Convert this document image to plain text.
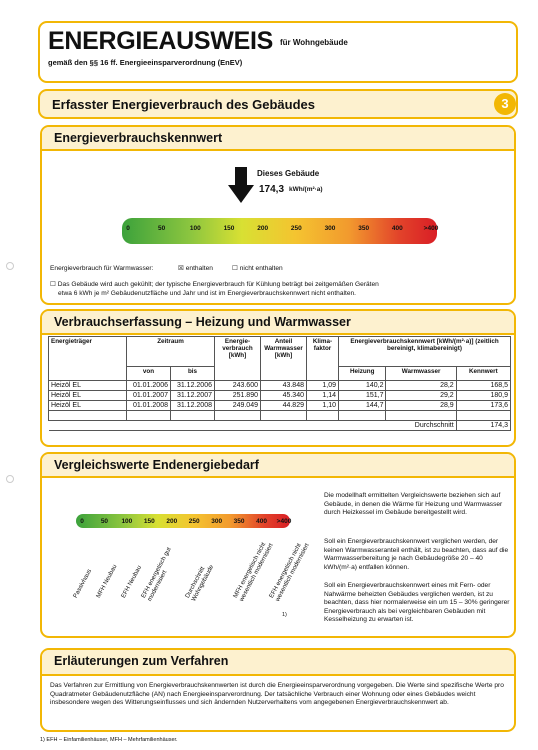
ENERGIEAUSWEIS für Wohngebäude
gemäß den §§ 16 ff. Energieeinsparverordnung (EnEV)
Erfasster Energieverbrauch des Gebäudes	3
Energieverbrauchskennwert
Dieses Gebäude
174,3 kWh/(m²·a)
0	50	100	150	200	250	300	350	400	>400
Energieverbrauch für Warmwasser:	☒ enthalten	☐ nicht enthalten
☐ Das Gebäude wird auch gekühlt; der typische Energieverbrauch für Kühlung beträgt bei zeitgemäßen Geräten
etwa 6 kWh je m² Gebäudenutzfläche und Jahr und ist im Energieverbrauchskennwert nicht enthalten.
Verbrauchserfassung – Heizung und Warmwasser
Energieträger	Zeitraum		Energie-verbrauch [kWh]	Anteil Warmwasser [kWh]	Klima-faktor	Energieverbrauchskennwert [kWh/(m²·a)] (zeitlich bereinigt, klimabereinigt)		
	von	bis				Heizung	Warmwasser	Kennwert
Heizöl EL	01.01.2006	31.12.2006	243.600	43.848	1,09	140,2	28,2	168,5
Heizöl EL	01.01.2007	31.12.2007	251.890	45.340	1,14	151,7	29,2	180,9
Heizöl EL	01.01.2008	31.12.2008	249.049	44.829	1,10	144,7	28,9	173,6

Durchschnitt								174,3
Vergleichswerte Endenergiebedarf
0	50 100 150 200 250 300 350 400 >400
Passivhaus MFH Neubau EFH Neubau
EFH energetisch gut modernisiert	Durchschnitt Wohngebäude	MFH energetisch nicht wesentlich modernisiert
EFH energetisch nicht wesentlich modernisiert
1)
Die modellhaft ermittelten Vergleichswerte beziehen sich auf Gebäude, in denen die Wärme für Heizung und Warmwasser durch Heizkessel im Gebäude bereitgestellt wird.
Soll ein Energieverbrauchskennwert verglichen werden, der keinen Warmwasseranteil enthält, ist zu beachten, dass auf die Warmwasserbereitung je nach Gebäudegröße 20 – 40 kWh/(m²·a) entfallen können.
Soll ein Energieverbrauchskennwert eines mit Fern- oder Nahwärme beheizten Gebäudes verglichen werden, ist zu beachten, dass hier normalerweise ein um 15 – 30% geringerer Energieverbrauch als bei vergleichbaren Gebäuden mit Kesselheizung zu erwarten ist.
Erläuterungen zum Verfahren
Das Verfahren zur Ermittlung von Energieverbrauchskennwerten ist durch die Energieeinsparverordnung vorgegeben. Die Werte sind spezifische Werte pro Quadratmeter Gebäudenutzfläche (AN) nach Energieeinsparverordnung. Der tatsächliche Verbrauch einer Wohnung oder eines Gebäudes weicht insbesondere wegen des Witterungseinflusses und sich ändernden Nutzerverhaltens vom angegebenen Energieverbrauchskennwert ab.
1) EFH – Einfamilienhäuser, MFH – Mehrfamilienhäuser.
